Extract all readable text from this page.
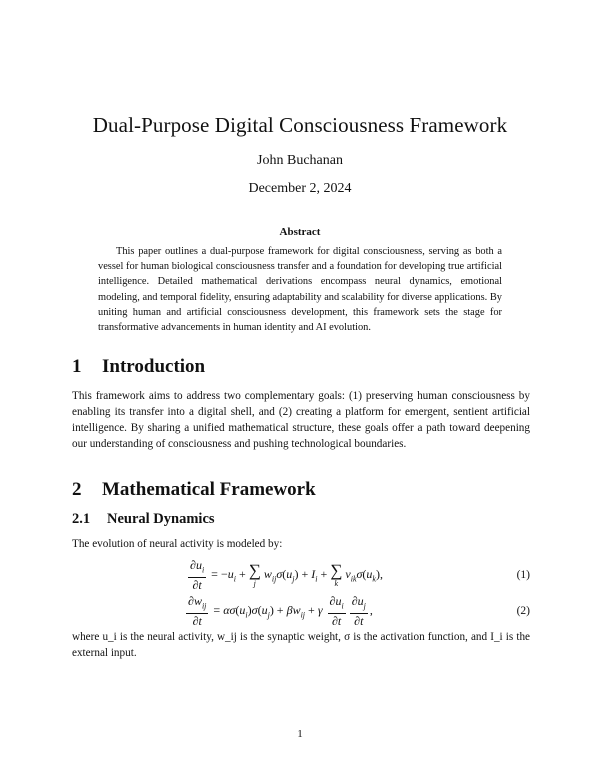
Dual-Purpose Digital Consciousness Framework
John Buchanan
December 2, 2024
Abstract
This paper outlines a dual-purpose framework for digital consciousness, serving as both a vessel for human biological consciousness transfer and a foundation for developing true artificial intelligence. Detailed mathematical derivations encompass neural dynamics, emotional modeling, and temporal fidelity, ensuring adaptability and scalability for diverse applications. By uniting human and artificial consciousness development, this framework sets the stage for transformative advancements in human identity and AI evolution.
1 Introduction
This framework aims to address two complementary goals: (1) preserving human consciousness by enabling its transfer into a digital shell, and (2) creating a platform for emergent, sentient artificial intelligence. By sharing a unified mathematical structure, these goals offer a path toward deepening our understanding of consciousness and pushing technological boundaries.
2 Mathematical Framework
2.1 Neural Dynamics
The evolution of neural activity is modeled by:
$\frac{\partial u_i}{\partial t} = -u_i$ + ∑
j
$w_{ij}\sigma(u_j) + I_i$ + ∑
k
$v_{ik}\sigma(u_k)$,	(1)
$\frac{\partial w_{ij}}{\partial t} = \alpha\sigma(u_i)\sigma(u_j) + \beta w_{ij} + \gamma \frac{\partial u_i}{\partial t} \frac{\partial u_j}{\partial t}$ ,	(2)
where u_i is the neural activity, w_ij is the synaptic weight, σ is the activation function, and I_i is the external input.
1
